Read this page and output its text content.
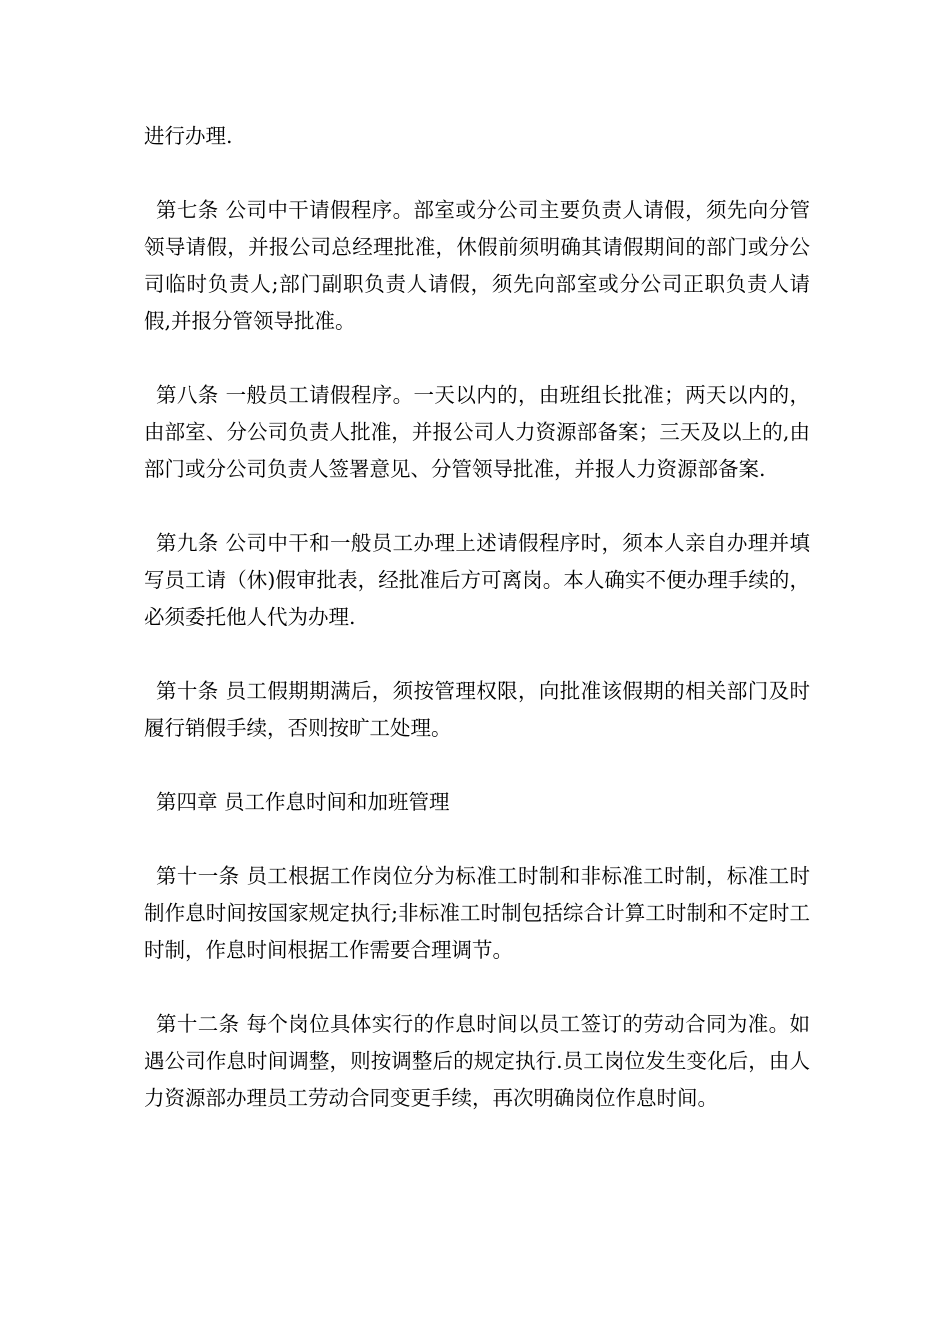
进行办理.

第七条 公司中干请假程序。部室或分公司主要负责人请假，须先向分管领导请假，并报公司总经理批准，休假前须明确其请假期间的部门或分公司临时负责人;部门副职负责人请假，须先向部室或分公司正职负责人请假,并报分管领导批准。

第八条 一般员工请假程序。一天以内的，由班组长批准；两天以内的，由部室、分公司负责人批准，并报公司人力资源部备案；三天及以上的,由部门或分公司负责人签署意见、分管领导批准，并报人力资源部备案.

第九条 公司中干和一般员工办理上述请假程序时，须本人亲自办理并填写员工请（休)假审批表，经批准后方可离岗。本人确实不便办理手续的，必须委托他人代为办理.

第十条 员工假期期满后，须按管理权限，向批准该假期的相关部门及时履行销假手续，否则按旷工处理。

第四章 员工作息时间和加班管理

第十一条 员工根据工作岗位分为标准工时制和非标准工时制，标准工时制作息时间按国家规定执行;非标准工时制包括综合计算工时制和不定时工时制，作息时间根据工作需要合理调节。

第十二条 每个岗位具体实行的作息时间以员工签订的劳动合同为准。如遇公司作息时间调整，则按调整后的规定执行.员工岗位发生变化后，由人力资源部办理员工劳动合同变更手续，再次明确岗位作息时间。
